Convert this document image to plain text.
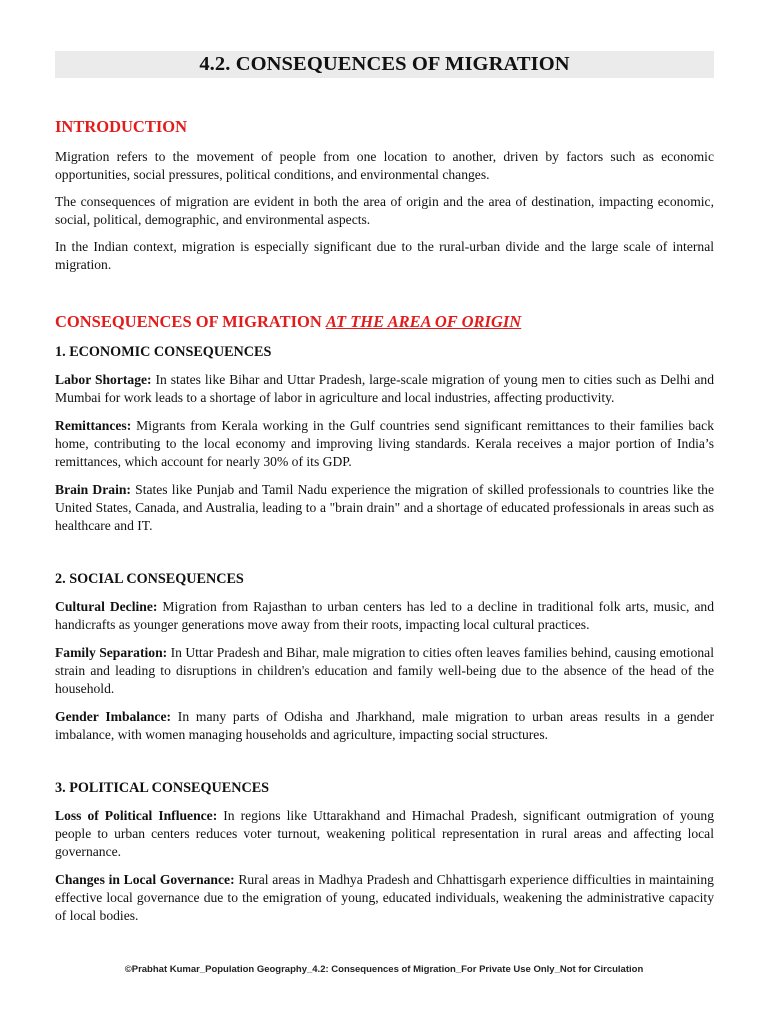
4.2. CONSEQUENCES OF MIGRATION
INTRODUCTION
Migration refers to the movement of people from one location to another, driven by factors such as economic opportunities, social pressures, political conditions, and environmental changes.
The consequences of migration are evident in both the area of origin and the area of destination, impacting economic, social, political, demographic, and environmental aspects.
In the Indian context, migration is especially significant due to the rural-urban divide and the large scale of internal migration.
CONSEQUENCES OF MIGRATION AT THE AREA OF ORIGIN
1. ECONOMIC CONSEQUENCES
Labor Shortage: In states like Bihar and Uttar Pradesh, large-scale migration of young men to cities such as Delhi and Mumbai for work leads to a shortage of labor in agriculture and local industries, affecting productivity.
Remittances: Migrants from Kerala working in the Gulf countries send significant remittances to their families back home, contributing to the local economy and improving living standards. Kerala receives a major portion of India’s remittances, which account for nearly 30% of its GDP.
Brain Drain: States like Punjab and Tamil Nadu experience the migration of skilled professionals to countries like the United States, Canada, and Australia, leading to a "brain drain" and a shortage of educated professionals in areas such as healthcare and IT.
2. SOCIAL CONSEQUENCES
Cultural Decline: Migration from Rajasthan to urban centers has led to a decline in traditional folk arts, music, and handicrafts as younger generations move away from their roots, impacting local cultural practices.
Family Separation: In Uttar Pradesh and Bihar, male migration to cities often leaves families behind, causing emotional strain and leading to disruptions in children's education and family well-being due to the absence of the head of the household.
Gender Imbalance: In many parts of Odisha and Jharkhand, male migration to urban areas results in a gender imbalance, with women managing households and agriculture, impacting social structures.
3. POLITICAL CONSEQUENCES
Loss of Political Influence: In regions like Uttarakhand and Himachal Pradesh, significant outmigration of young people to urban centers reduces voter turnout, weakening political representation in rural areas and affecting local governance.
Changes in Local Governance: Rural areas in Madhya Pradesh and Chhattisgarh experience difficulties in maintaining effective local governance due to the emigration of young, educated individuals, weakening the administrative capacity of local bodies.
©Prabhat Kumar_Population Geography_4.2: Consequences of Migration_For Private Use Only_Not for Circulation
